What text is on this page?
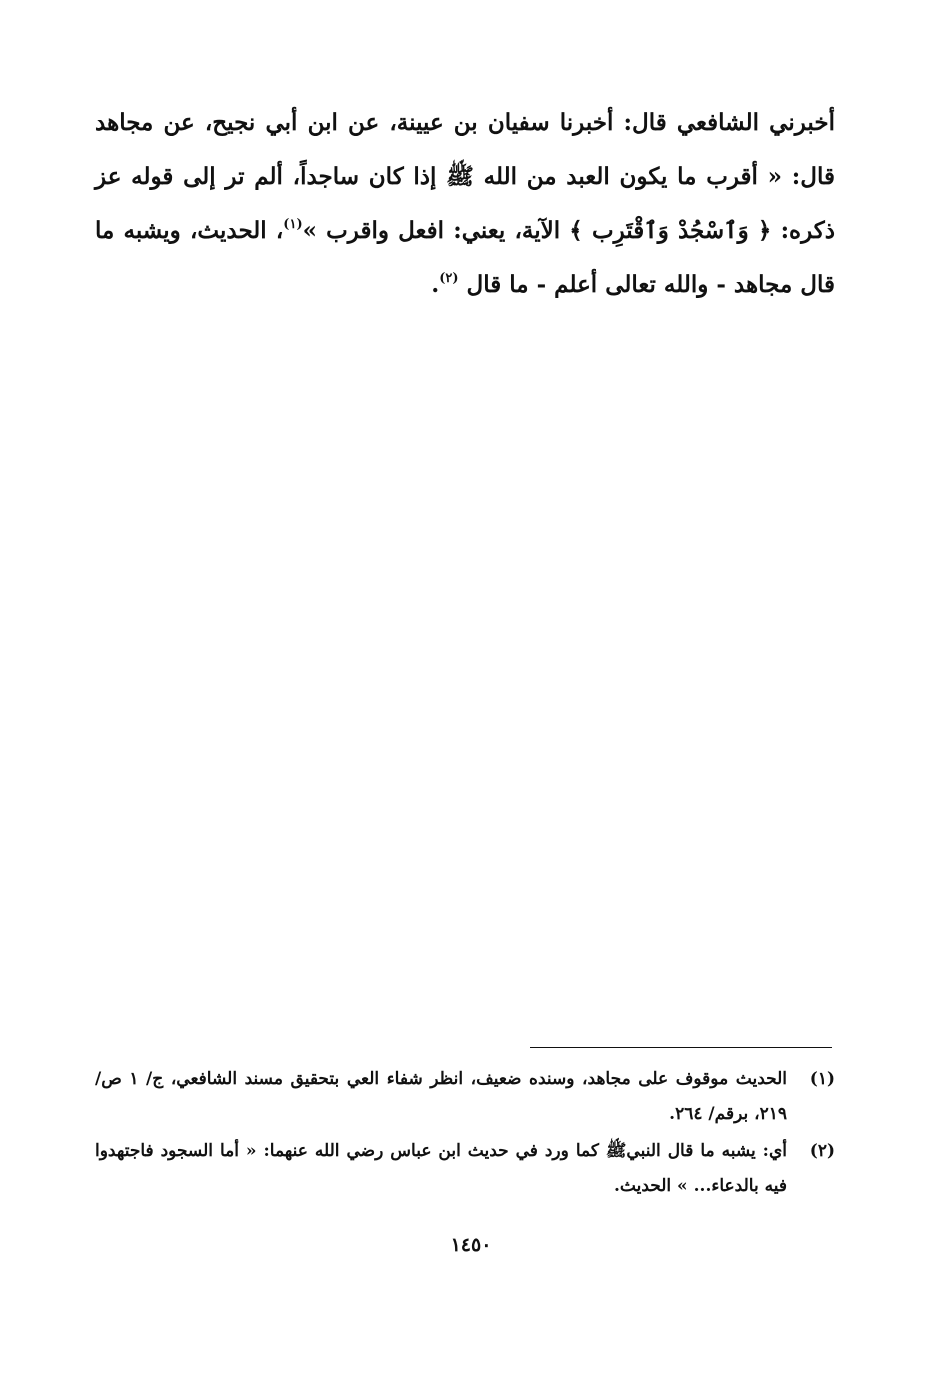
أخبرني الشافعي قال: أخبرنا سفيان بن عيينة، عن ابن أبي نجيح، عن مجاهد قال: « أقرب ما يكون العبد من الله ﷺ إذا كان ساجداً، ألم تر إلى قوله عز ذكره: ﴿ وَٱسْجُدْ وَٱقْتَرِب ﴾ الآية، يعني: افعل واقرب »$^{(١)}$، الحديث، ويشبه ما قال مجاهد - والله تعالى أعلم - ما قال $^{(٢)}$.

(١)
الحديث موقوف على مجاهد، وسنده ضعيف، انظر شفاء العي بتحقيق مسند الشافعي، ج/ ١ ص/ ٢١٩، برقم/ ٢٦٤.
(٢)
أي: يشبه ما قال النبيﷺ كما ورد في حديث ابن عباس رضي الله عنهما: « أما السجود فاجتهدوا فيه بالدعاء... » الحديث.
١٤٥٠
